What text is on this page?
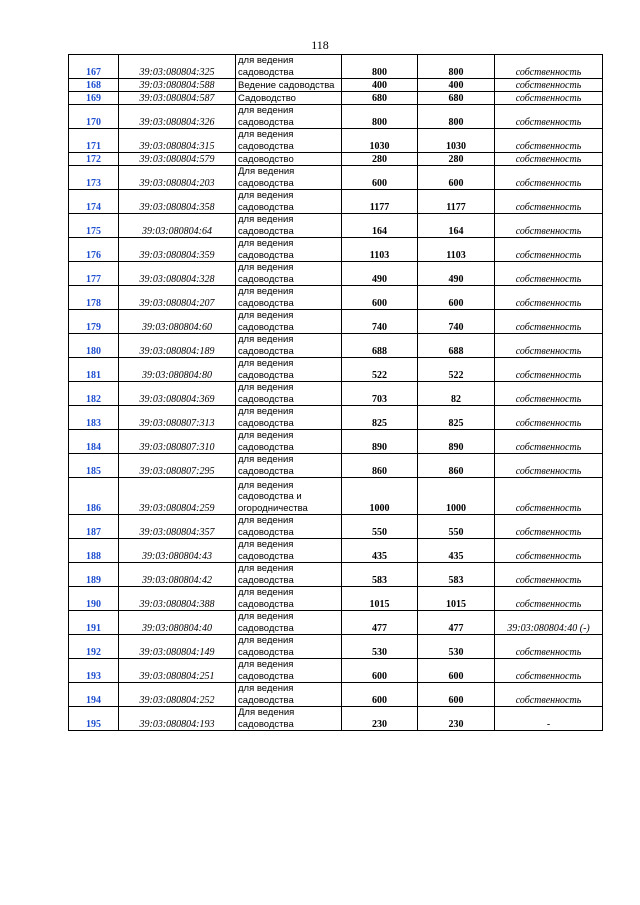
118
167	39:03:080804:325	для ведения садоводства	800	800	собственность
168	39:03:080804:588	Ведение садоводства	400	400	собственность
169	39:03:080804:587	Садоводство	680	680	собственность
170	39:03:080804:326	для ведения садоводства	800	800	собственность
171	39:03:080804:315	для ведения садоводства	1030	1030	собственность
172	39:03:080804:579	садоводство	280	280	собственность
173	39:03:080804:203	Для ведения садоводства	600	600	собственность
174	39:03:080804:358	для ведения садоводства	1177	1177	собственность
175	39:03:080804:64	для ведения садоводства	164	164	собственность
176	39:03:080804:359	для ведения садоводства	1103	1103	собственность
177	39:03:080804:328	для ведения садоводства	490	490	собственность
178	39:03:080804:207	для ведения садоводства	600	600	собственность
179	39:03:080804:60	для ведения садоводства	740	740	собственность
180	39:03:080804:189	для ведения садоводства	688	688	собственность
181	39:03:080804:80	для ведения садоводства	522	522	собственность
182	39:03:080804:369	для ведения садоводства	703	82	собственность
183	39:03:080807:313	для ведения садоводства	825	825	собственность
184	39:03:080807:310	для ведения садоводства	890	890	собственность
185	39:03:080807:295	для ведения садоводства	860	860	собственность
186	39:03:080804:259	для ведения садоводства и огородничества	1000	1000	собственность
187	39:03:080804:357	для ведения садоводства	550	550	собственность
188	39:03:080804:43	для ведения садоводства	435	435	собственность
189	39:03:080804:42	для ведения садоводства	583	583	собственность
190	39:03:080804:388	для ведения садоводства	1015	1015	собственность
191	39:03:080804:40	для ведения садоводства	477	477	39:03:080804:40 (-)
192	39:03:080804:149	для ведения садоводства	530	530	собственность
193	39:03:080804:251	для ведения садоводства	600	600	собственность
194	39:03:080804:252	для ведения садоводства	600	600	собственность
195	39:03:080804:193	Для ведения садоводства	230	230	-
